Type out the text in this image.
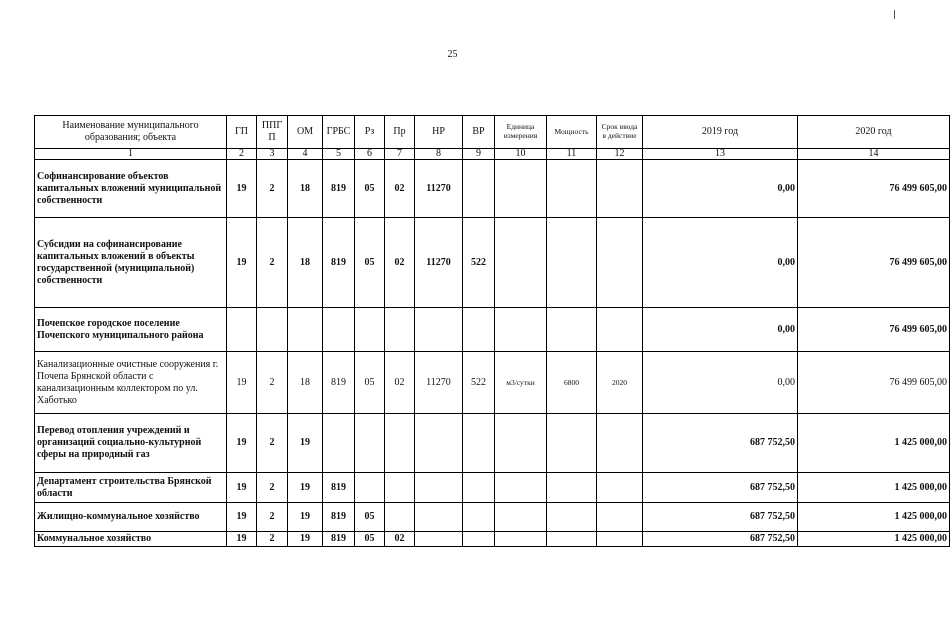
25
Наименование муниципального образования; объекта	ГП	ППГ П	ОМ	ГРБС	Рз	Пр	НР	ВР	Единица измерения	Мощность	Срок ввода в действие	2019 год	2020 год
1	2	3	4	5	6	7	8	9	10	11	12	13	14
Софинансирование объектов капитальных вложений муниципальной собственности	19	2	18	819	05	02	11270					0,00	76 499 605,00
Субсидии на софинансирование капитальных вложений в объекты государственной (муниципальной) собственности	19	2	18	819	05	02	11270	522				0,00	76 499 605,00
Почепское городское поселение Почепского муниципального района												0,00	76 499 605,00
Канализационные очистные сооружения г. Почепа Брянской области с канализационным коллектором по ул. Хаботько	19	2	18	819	05	02	11270	522	м3/сутки	6800	2020	0,00	76 499 605,00
Перевод отопления учреждений и организаций социально-культурной сферы на природный газ	19	2	19									687 752,50	1 425 000,00
Департамент строительства Брянской области	19	2	19	819								687 752,50	1 425 000,00
Жилищно-коммунальное хозяйство	19	2	19	819	05							687 752,50	1 425 000,00
Коммунальное хозяйство	19	2	19	819	05	02						687 752,50	1 425 000,00
